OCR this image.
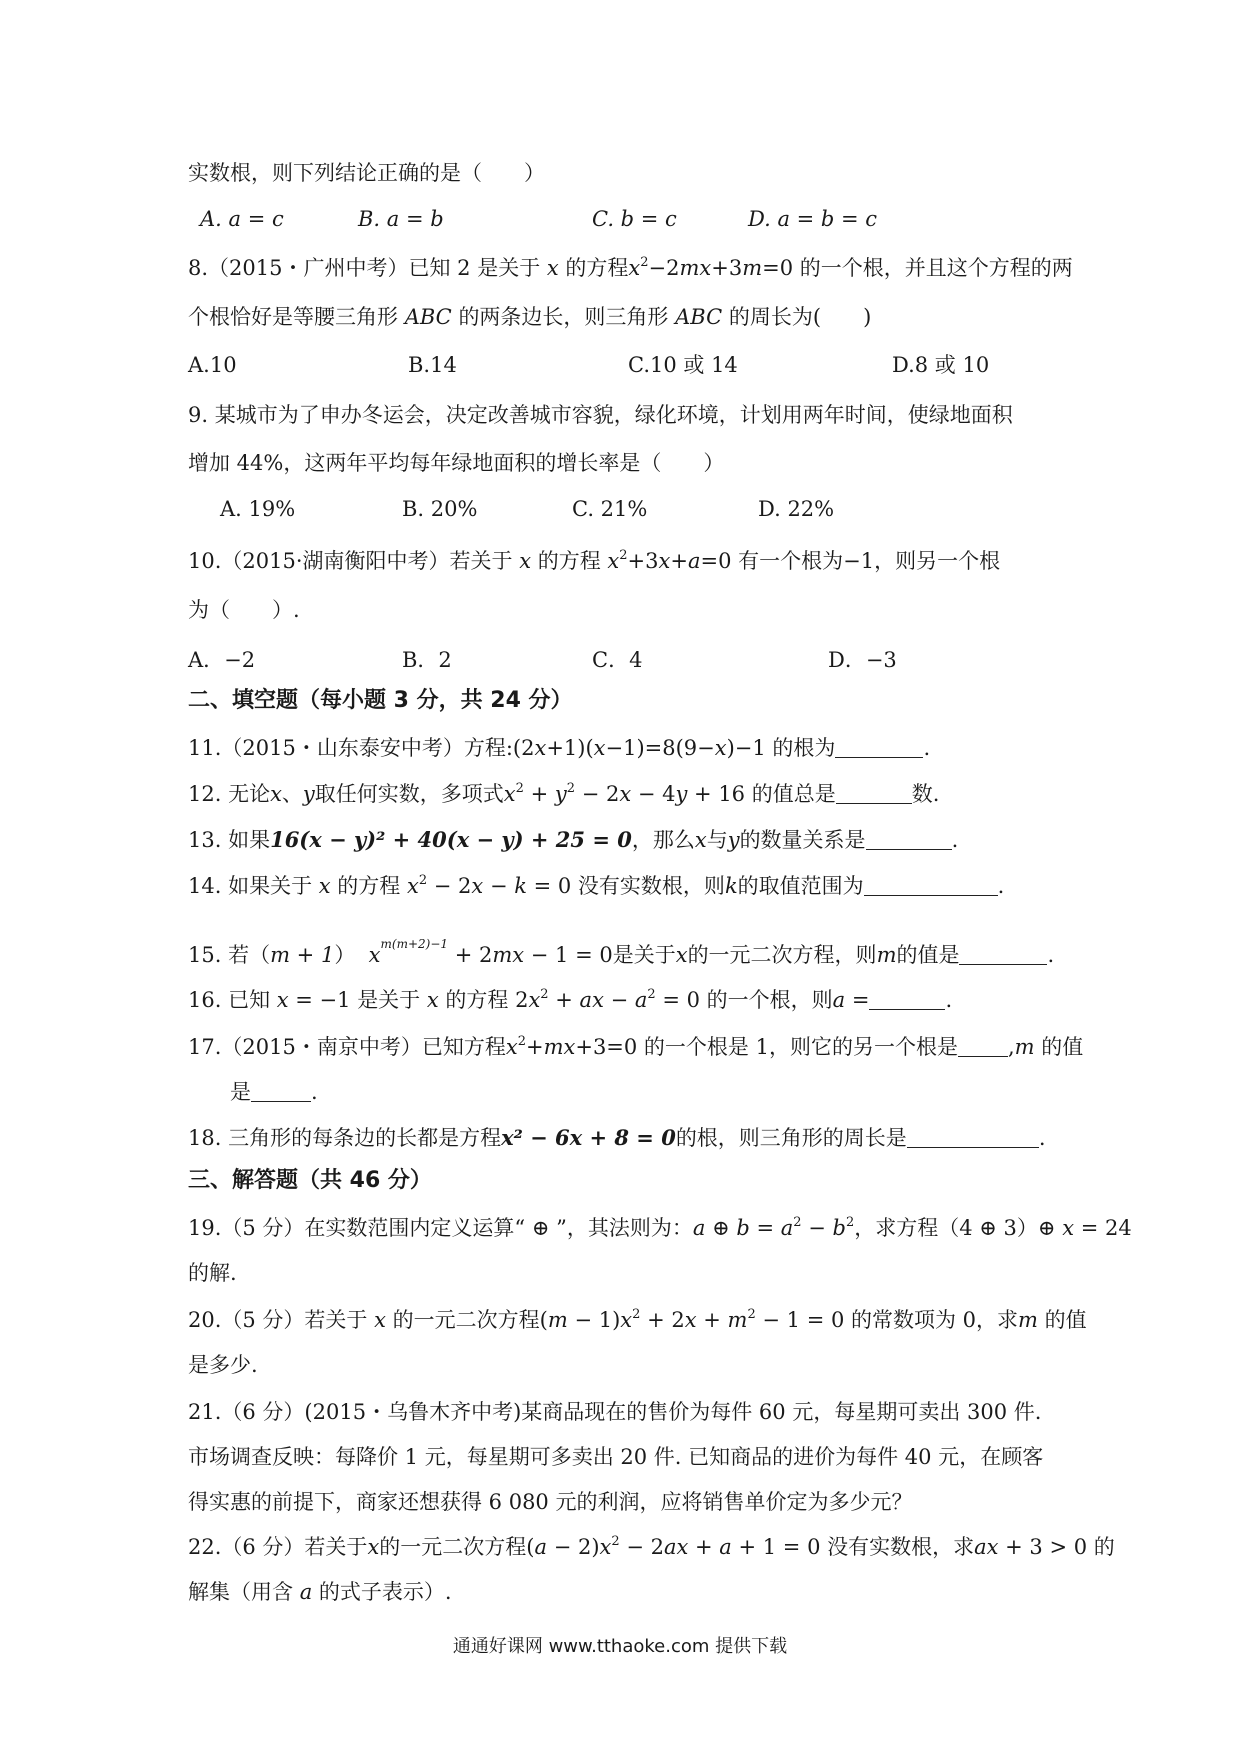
实数根，则下列结论正确的是（　　）
A. a = c	B. a = b	C. b = c	D. a = b = c
8.（2015・广州中考）已知 2 是关于 x 的方程$x^2-2mx+3m=0$ 的一个根，并且这个方程的两
个根恰好是等腰三角形 ABC 的两条边长，则三角形 ABC 的周长为(　　)
A.10	B.14	C.10 或 14	D.8 或 10
9. 某城市为了申办冬运会，决定改善城市容貌，绿化环境，计划用两年时间，使绿地面积
增加 44%，这两年平均每年绿地面积的增长率是（　　）
A. 19%	B. 20%	C. 21%	D. 22%
10.（2015·湖南衡阳中考）若关于 x 的方程 $x^2+3x+a=0$ 有一个根为−1，则另一个根
为（　　）.
A．−2	B．2	C．4	D．−3
二、填空题（每小题 3 分，共 24 分）
11.（2015・山东泰安中考）方程:(2x+1)(x−1)=8(9−x)−1 的根为	.
12. 无论x、y取任何实数，多项式$x^2 + y^2 - 2x - 4y + 16$ 的值总是	数.
13. 如果16(x − y)² + 40(x − y) + 25 = 0，那么x与y的数量关系是	.
14. 如果关于 x 的方程 $x^2 - 2x - k = 0$ 没有实数根，则k的取值范围为	.
15. 若（m + 1） $x^{m(m+2)-1} + 2mx - 1 = 0$是关于x的一元二次方程，则m的值是	.
16. 已知 x = −1 是关于 x 的方程 $2x^2$ + ax − $a^2 = 0$ 的一个根，则a =	.
17.（2015・南京中考）已知方程$x^2+mx+3=0$ 的一个根是 1，则它的另一个根是 ,m 的值
是	.
18. 三角形的每条边的长都是方程x² − 6x + 8 = 0的根，则三角形的周长是	.
三、解答题（共 46 分）
19.（5 分）在实数范围内定义运算“ ⊕ ”，其法则为：a ⊕ $b = a^2 - b^2$，求方程（4 ⊕ 3）⊕ x = 24
的解.
20.（5 分）若关于 x 的一元二次方程$(m - 1)x^2 + 2x + m^2 - 1 = 0$ 的常数项为 0，求m 的值
是多少.
21.（6 分）(2015・乌鲁木齐中考)某商品现在的售价为每件 60 元，每星期可卖出 300 件.
市场调查反映：每降价 1 元，每星期可多卖出 20 件. 已知商品的进价为每件 40 元，在顾客
得实惠的前提下，商家还想获得 6 080 元的利润，应将销售单价定为多少元？
22.（6 分）若关于x的一元二次方程$(a - 2)x^2 - 2ax + a + 1 = 0$ 没有实数根，求ax + 3 > 0 的
解集（用含 a 的式子表示）.
通通好课网 www.tthaoke.com 提供下载
